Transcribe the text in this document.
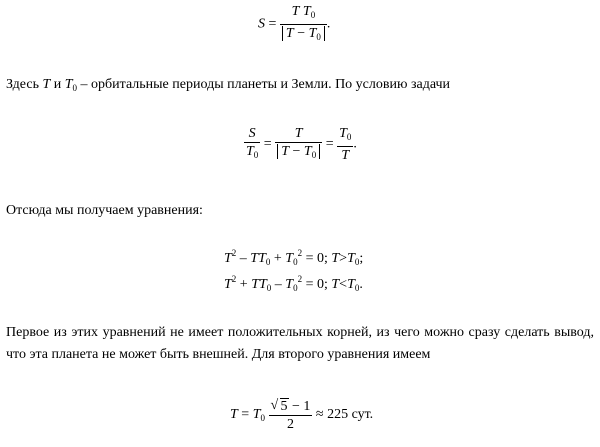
$S = \frac{T T_0}{T - T_0}$ .
Здесь T и $T_0$ – орбитальные периоды планеты и Земли. По условию задачи
$\frac{S}{T_0} = \frac{T}{T - T_0} = \frac{T_0}{T}$ .
Отсюда мы получаем уравнения:
$T^2 - TT_0 + T_0^2 = 0$; $T>T_0$;
$T^2 + TT_0 - T_0^2 = 0$; $T<T_0$.
Первое из этих уравнений не имеет положительных корней, из чего можно сразу сделать вывод, что эта планета не может быть внешней. Для второго уравнения имеем
$T = T_0 \frac{√ 5 - 1}{2} \approx 225$ сут.
